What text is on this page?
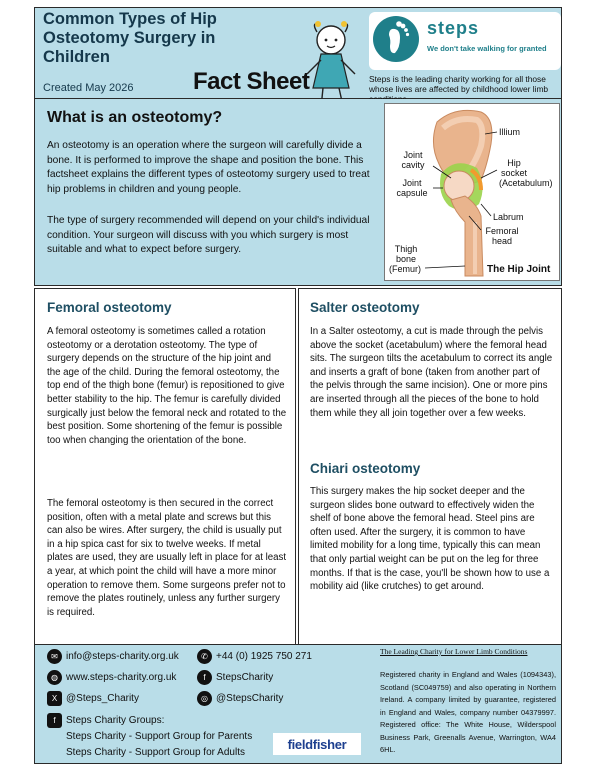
Common Types of Hip Osteotomy Surgery in Children
Created May 2026 Fact Sheet
steps
We don't take walking for granted
Steps is the leading charity working for all those whose lives are affected by childhood lower limb
What is an osteotomy?

An osteotomy is an operation where the surgeon will carefully divide a bone. It is performed to improve the shape and position the bone. This factsheet explains the different types of osteotomy surgery used to treat hip problems in children and young people.

The type of surgery recommended will depend on your child's individual condition. Your surgeon will discuss with you which surgery is most suitable and what to expect before surgery.

Illium
Joint cavity	Hip socket
(Acetabulum)
Joint capsule
Labrum
Femoral head
Thigh bone
(Femur)	The Hip Joint
Femoral osteotomy

A femoral osteotomy is sometimes called a rotation osteotomy or a derotation osteotomy. The type of surgery depends on the structure of the hip joint and the age of the child. During the femoral osteotomy, the top end of the thigh bone (femur) is repositioned to give better stability to the hip. The femur is carefully divided surgically just below the femoral neck and rotated to the best position. Some shortening of the femur is possible too when changing the orientation of the bone.

The femoral osteotomy is then secured in the correct position, often with a metal plate and screws but this can also be wires. After surgery, the child is usually put in a hip spica cast for six to twelve weeks. If metal plates are used, they are usually left in place for at least a year, at which point the child will have a more minor operation to remove them. Some surgeons prefer not to remove the plates routinely, unless any further surgery is required.

Salter osteotomy

In a Salter osteotomy, a cut is made through the pelvis above the socket (acetabulum) where the femoral head sits. The surgeon tilts the acetabulum to correct its angle and inserts a graft of bone (taken from another part of the pelvis through the same incision). One or more pins are inserted through all the pieces of the bone to hold them while they all join together over a few weeks.

Chiari osteotomy

This surgery makes the hip socket deeper and the surgeon slides bone outward to effectively widen the shelf of bone above the femoral head. Steel pins are often used. After the surgery, it is common to have limited mobility for a long time, typically this can mean that only partial weight can be put on the leg for three months. If that is the case, you'll be shown how to use a mobility aid (like crutches) to get around.

✉ info@steps-charity.org.uk	✆ +44 (0) 1925 750 271
◍ www.steps-charity.org.uk	f	StepsCharity
X @Steps_Charity	◎ @StepsCharity
f	Steps Charity Groups:
Steps Charity - Support Group for Parents
Steps Charity - Support Group for Adults
fieldfisher
The Leading Charity for Lower Limb Conditions
Registered charity in England and Wales (1094343), Scotland (SC049759) and also operating in Northern Ireland. A company limited by guarantee, registered in England and Wales, company number 04379997. Registered office: The White House, Wilderspool Business Park, Greenalls Avenue, Warrington, WA4 6HL.
